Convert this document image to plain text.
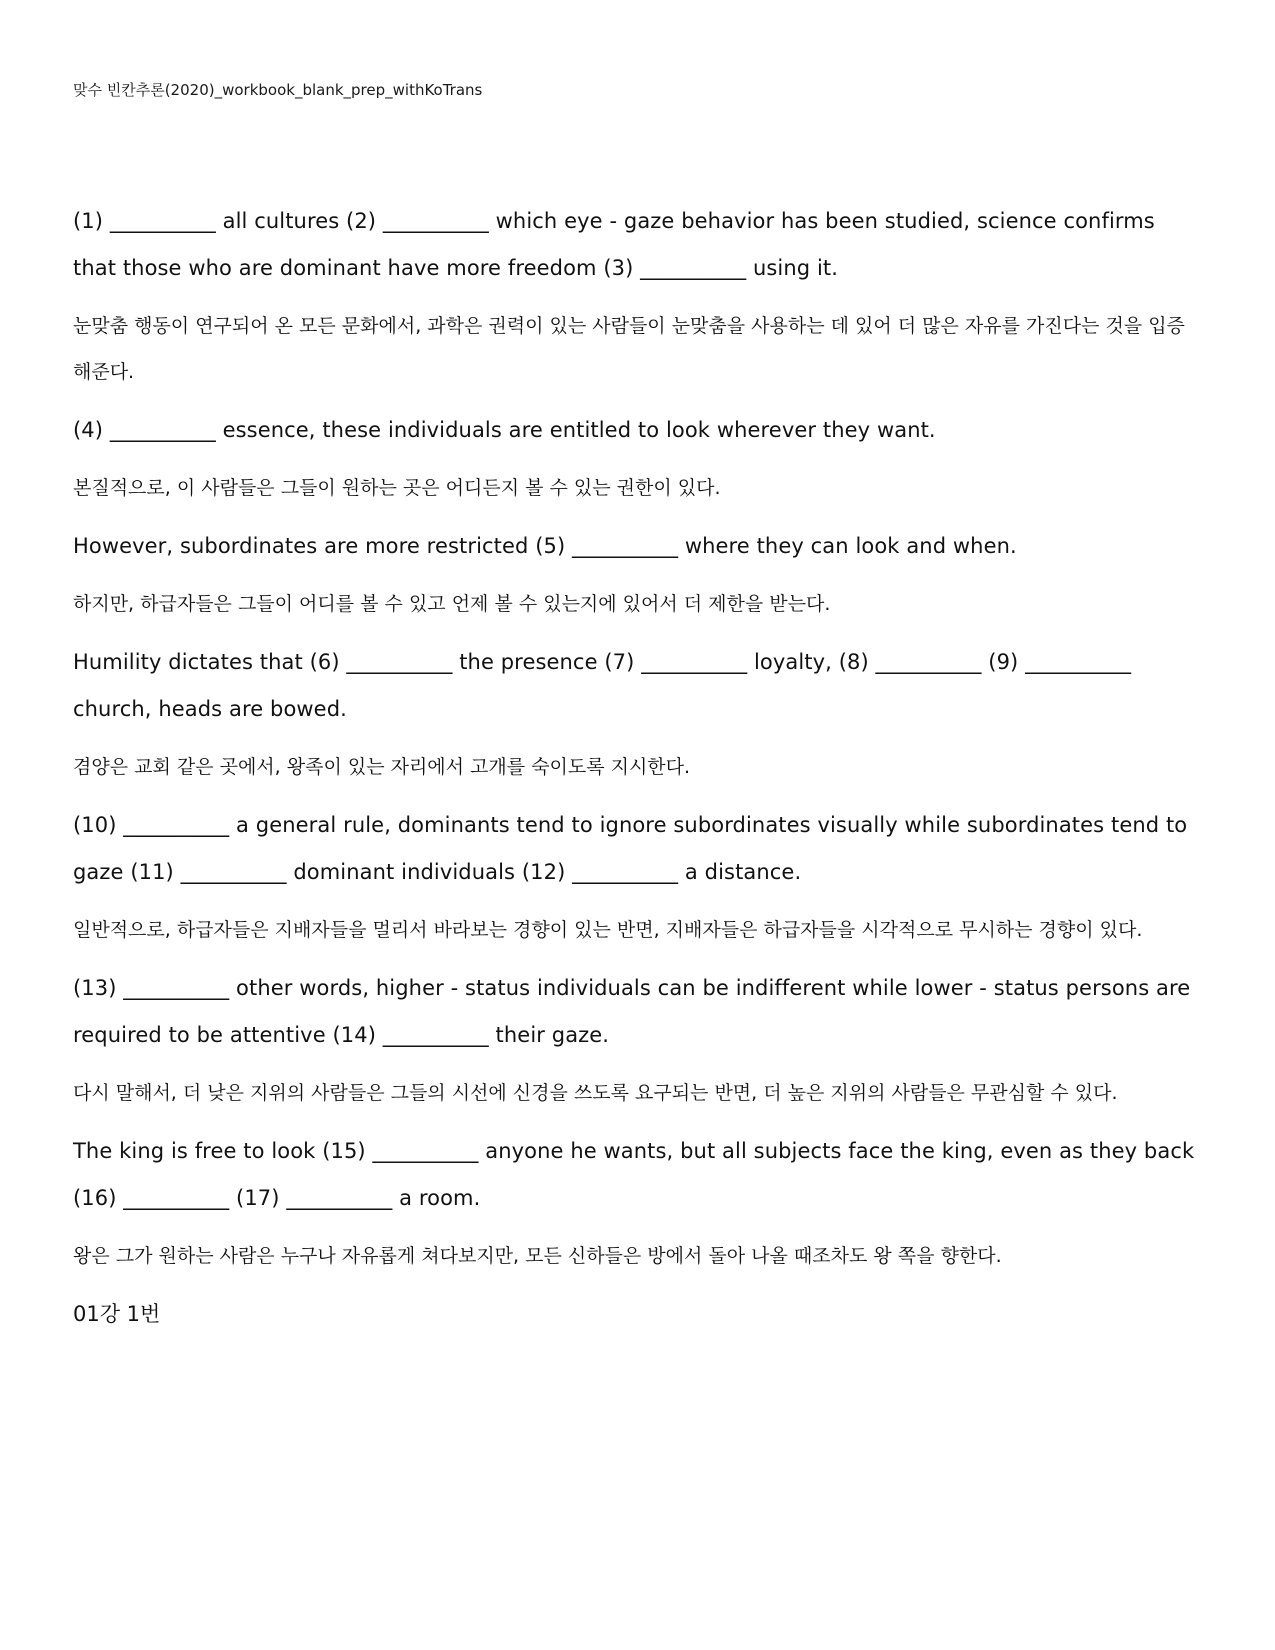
맞수 빈칸추론(2020)_workbook_blank_prep_withKoTrans

(1) __________ all cultures (2) __________ which eye - gaze behavior has been studied, science confirms that those who are dominant have more freedom (3) __________ using it.

눈맞춤 행동이 연구되어 온 모든 문화에서, 과학은 권력이 있는 사람들이 눈맞춤을 사용하는 데 있어 더 많은 자유를 가진다는 것을 입증해준다.

(4) __________ essence, these individuals are entitled to look wherever they want.

본질적으로, 이 사람들은 그들이 원하는 곳은 어디든지 볼 수 있는 권한이 있다.

However, subordinates are more restricted (5) __________ where they can look and when.

하지만, 하급자들은 그들이 어디를 볼 수 있고 언제 볼 수 있는지에 있어서 더 제한을 받는다.

Humility dictates that (6) __________ the presence (7) __________ loyalty, (8) __________ (9) __________ church, heads are bowed.

겸양은 교회 같은 곳에서, 왕족이 있는 자리에서 고개를 숙이도록 지시한다.

(10) __________ a general rule, dominants tend to ignore subordinates visually while subordinates tend to gaze (11) __________ dominant individuals (12) __________ a distance.

일반적으로, 하급자들은 지배자들을 멀리서 바라보는 경향이 있는 반면, 지배자들은 하급자들을 시각적으로 무시하는 경향이 있다.

(13) __________ other words, higher - status individuals can be indifferent while lower - status persons are required to be attentive (14) __________ their gaze.

다시 말해서, 더 낮은 지위의 사람들은 그들의 시선에 신경을 쓰도록 요구되는 반면, 더 높은 지위의 사람들은 무관심할 수 있다.

The king is free to look (15) __________ anyone he wants, but all subjects face the king, even as they back (16) __________ (17) __________ a room.

왕은 그가 원하는 사람은 누구나 자유롭게 쳐다보지만, 모든 신하들은 방에서 돌아 나올 때조차도 왕 쪽을 향한다.

01강 1번
